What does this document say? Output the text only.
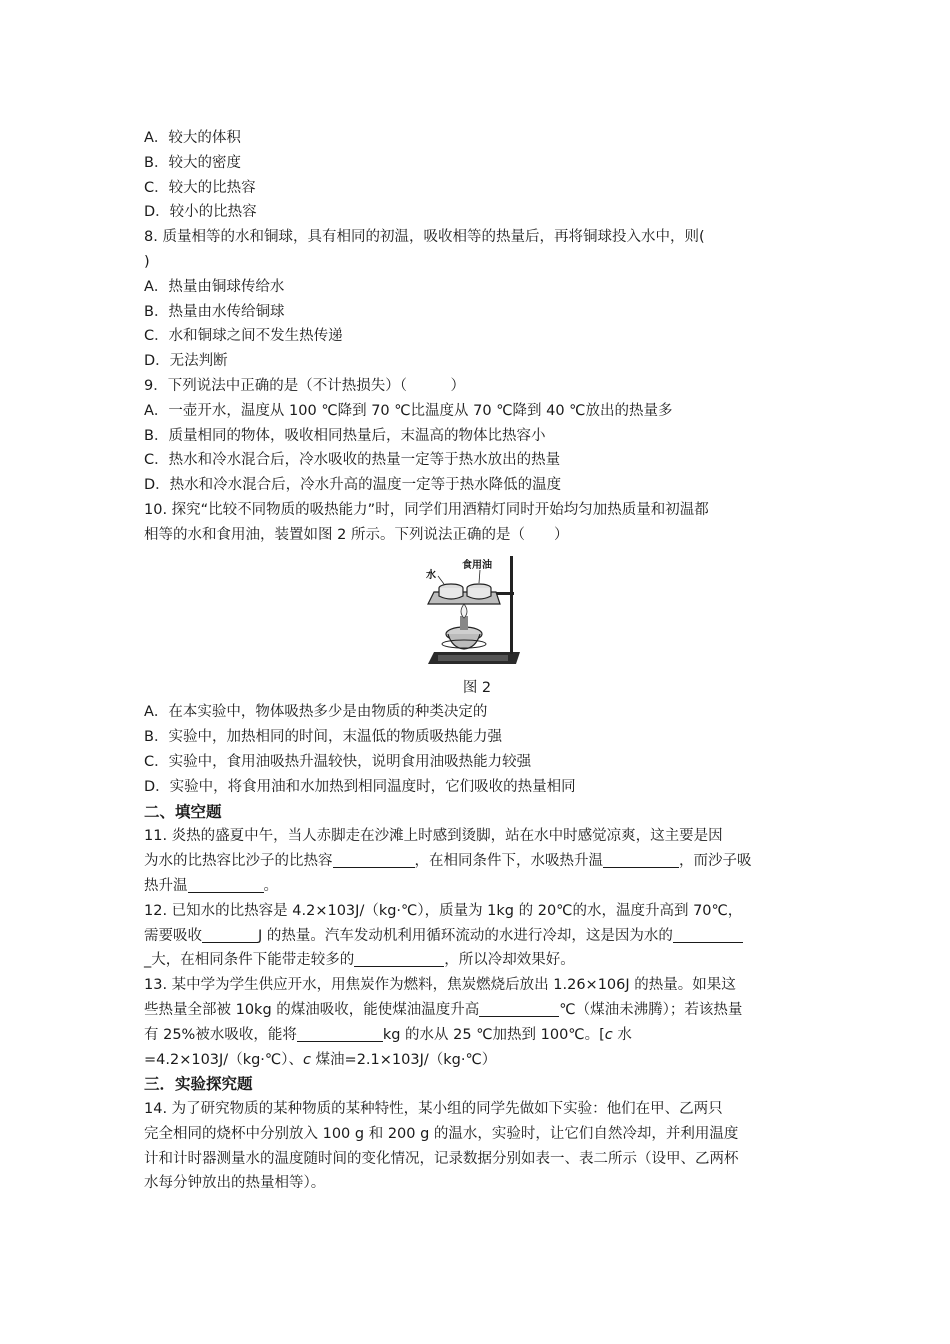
A．较大的体积
B．较大的密度
C．较大的比热容
D．较小的比热容
8. 质量相等的水和铜球，具有相同的初温，吸收相等的热量后，再将铜球投入水中，则(
)
A．热量由铜球传给水
B．热量由水传给铜球
C．水和铜球之间不发生热传递
D．无法判断
9．下列说法中正确的是（不计热损失）（　　　）
A．一壶开水，温度从 100 ℃降到 70 ℃比温度从 70 ℃降到 40 ℃放出的热量多
B．质量相同的物体，吸收相同热量后，末温高的物体比热容小
C．热水和冷水混合后，冷水吸收的热量一定等于热水放出的热量
D．热水和冷水混合后，冷水升高的温度一定等于热水降低的温度
10. 探究“比较不同物质的吸热能力”时，同学们用酒精灯同时开始均匀加热质量和初温都
相等的水和食用油，装置如图 2 所示。下列说法正确的是（　　）
水
食用油
图 2
A．在本实验中，物体吸热多少是由物质的种类决定的
B．实验中，加热相同的时间，末温低的物质吸热能力强
C．实验中，食用油吸热升温较快，说明食用油吸热能力较强
D．实验中，将食用油和水加热到相同温度时，它们吸收的热量相同
二、填空题
11. 炎热的盛夏中午，当人赤脚走在沙滩上时感到烫脚，站在水中时感觉凉爽，这主要是因
为水的比热容比沙子的比热容	，在相同条件下，水吸热升温	，而沙子吸
热升温	。
12. 已知水的比热容是 4.2×103J/（kg·℃），质量为 1kg 的 20℃的水，温度升高到 70℃，
需要吸收	J 的热量。汽车发动机利用循环流动的水进行冷却，这是因为水的
_大，在相同条件下能带走较多的	，所以冷却效果好。
13. 某中学为学生供应开水，用焦炭作为燃料，焦炭燃烧后放出 1.26×106J 的热量。如果这
些热量全部被 10kg 的煤油吸收，能使煤油温度升高	℃（煤油未沸腾）；若该热量
有 25%被水吸收，能将	kg 的水从 25 ℃加热到 100℃。[c 水
=4.2×103J/（kg·℃）、c 煤油=2.1×103J/（kg·℃）
三．实验探究题
14. 为了研究物质的某种物质的某种特性，某小组的同学先做如下实验：他们在甲、乙两只
完全相同的烧杯中分别放入 100 g 和 200 g 的温水，实验时，让它们自然冷却，并利用温度
计和计时器测量水的温度随时间的变化情况，记录数据分别如表一、表二所示（设甲、乙两杯
水每分钟放出的热量相等）。
